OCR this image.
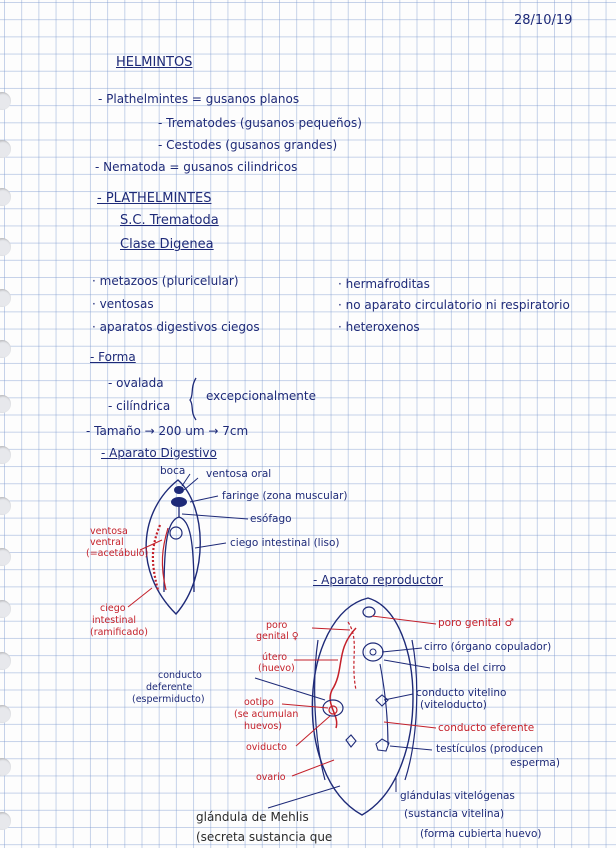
28/10/19
HELMINTOS
- Plathelmintes = gusanos planos
- Trematodes (gusanos pequeños)
- Cestodes (gusanos grandes)
- Nematoda = gusanos cilindricos
- PLATHELMINTES
S.C. Trematoda
Clase Digenea
· metazoos (pluricelular)
· ventosas
· aparatos digestivos ciegos
· hermafroditas
· no aparato circulatorio ni respiratorio
· heteroxenos
- Forma
- ovalada
- cilíndrica
excepcionalmente
- Tamaño → 200 um → 7cm
- Aparato Digestivo
boca ventosa oral
faringe (zona muscular)
esófago
ciego intestinal (liso)
ventosa
ventral
(=acetábulo)
ciego
intestinal
(ramificado)
- Aparato reproductor
poro
genital ♀
útero
(huevo)
conducto
deferente
(espermiducto)	ootipo
(se acumulan
huevos)
oviducto
ovario
poro genital ♂
cirro (órgano copulador)
bolsa del cirro
conducto vitelino
(viteloducto)
conducto eferente
testículos (producen
esperma)
glándulas vitelógenas
(sustancia vitelina)
(forma cubierta huevo)
glándula de Mehlis
(secreta sustancia que
